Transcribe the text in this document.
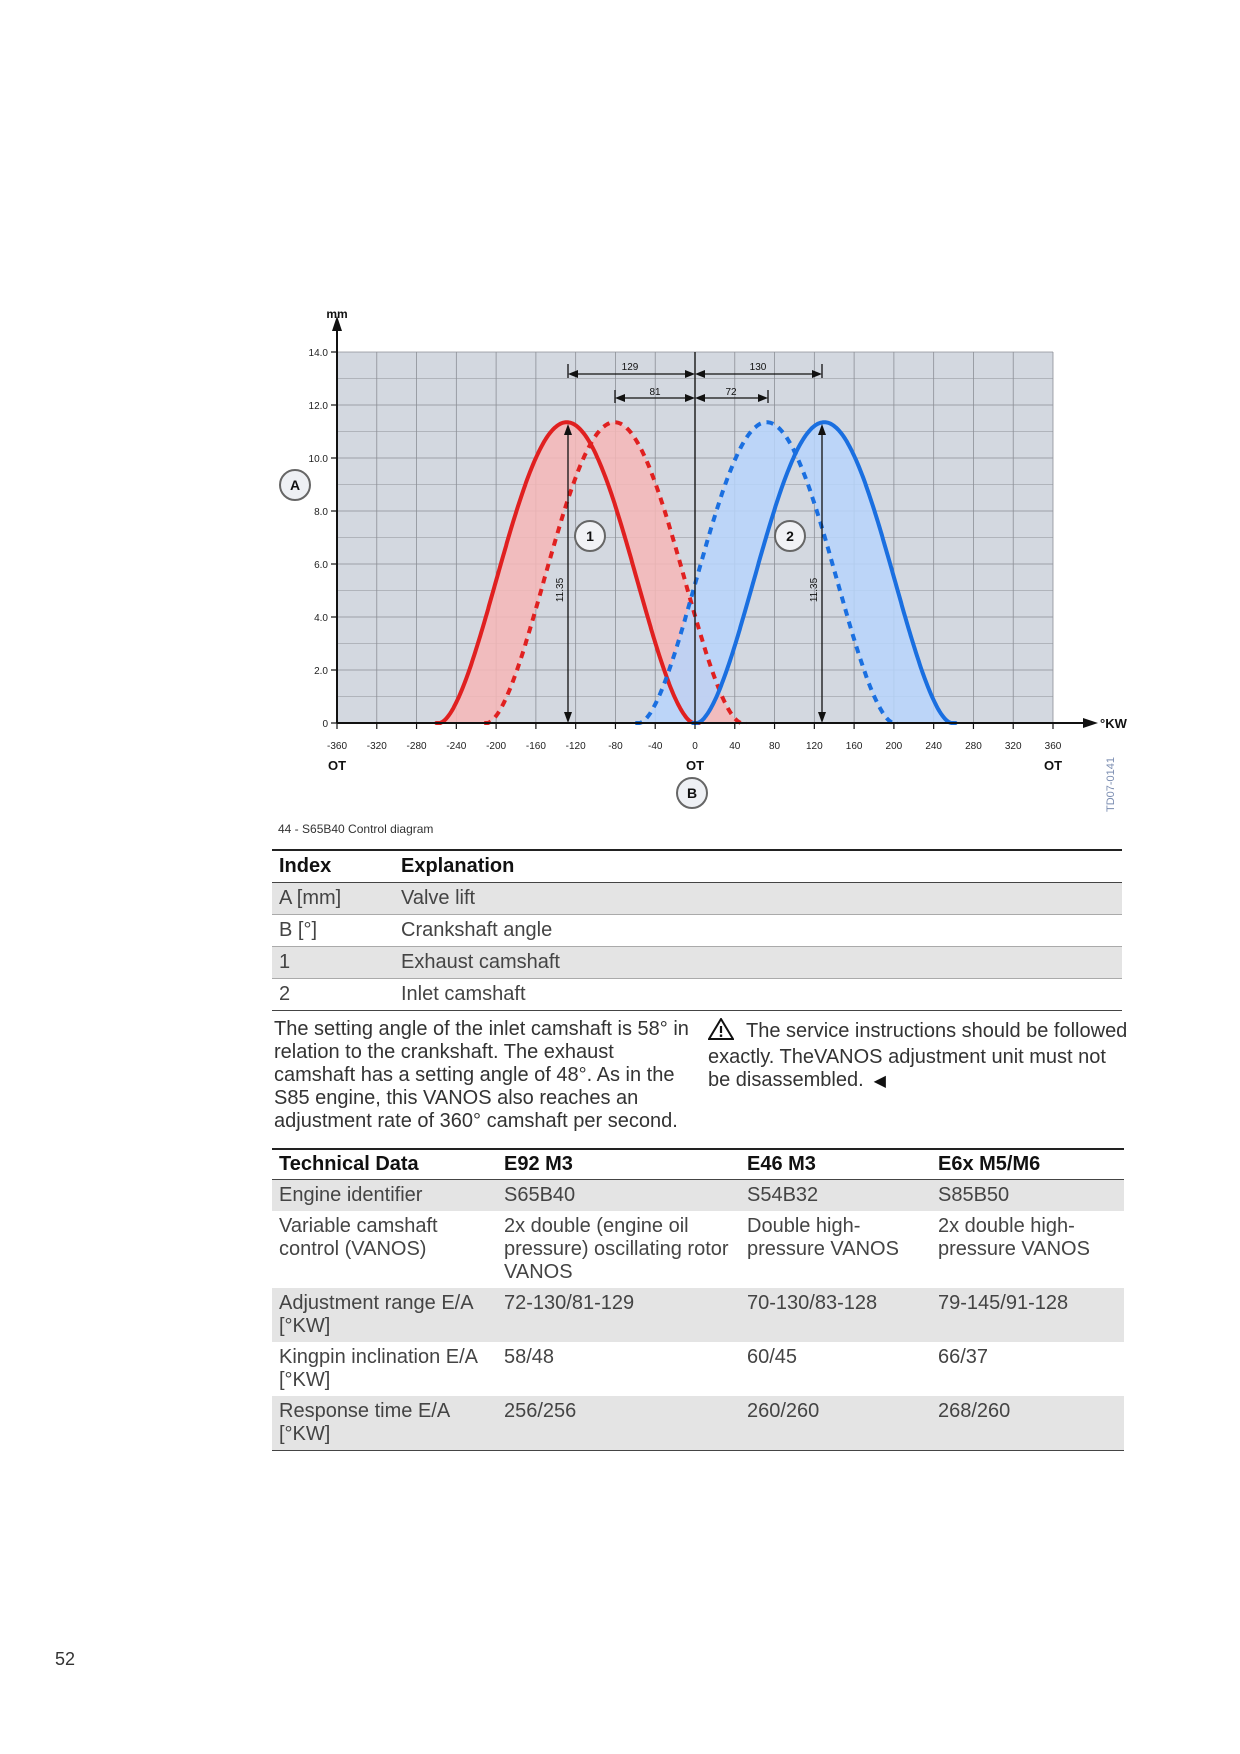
mm
°KW
0
2.0
4.0
6.0
8.0
10.0
12.0
14.0
-360 -320 -280 -240 -200 -160 -120 -80	-40	0	40	80	120 160 200 240 280 320 360
OT	OT	OT
129
81
130
72
11.35	11.35
A
B
1	2
TD07-0141
44 - S65B40 Control diagram
Index	Explanation
A [mm]	Valve lift
B [°]	Crankshaft angle
1	Exhaust camshaft
2	Inlet camshaft
The setting angle of the inlet camshaft is 58° in relation to the crankshaft. The exhaust camshaft has a setting angle of 48°. As in the S85 engine, this VANOS also reaches an adjustment rate of 360° camshaft per second.
The service instructions should be followed exactly. TheVANOS adjustment unit must not be disassembled. ◀
Technical Data	E92 M3	E46 M3	E6x M5/M6
Engine identifier	S65B40	S54B32	S85B50
Variable camshaft control (VANOS)	2x double (engine oil pressure) oscillating rotor VANOS	Double high-pressure VANOS	2x double high-pressure VANOS
Adjustment range E/A [°KW]	72-130/81-129	70-130/83-128	79-145/91-128
Kingpin inclination E/A [°KW]	58/48	60/45	66/37
Response time E/A [°KW]	256/256	260/260	268/260
52
